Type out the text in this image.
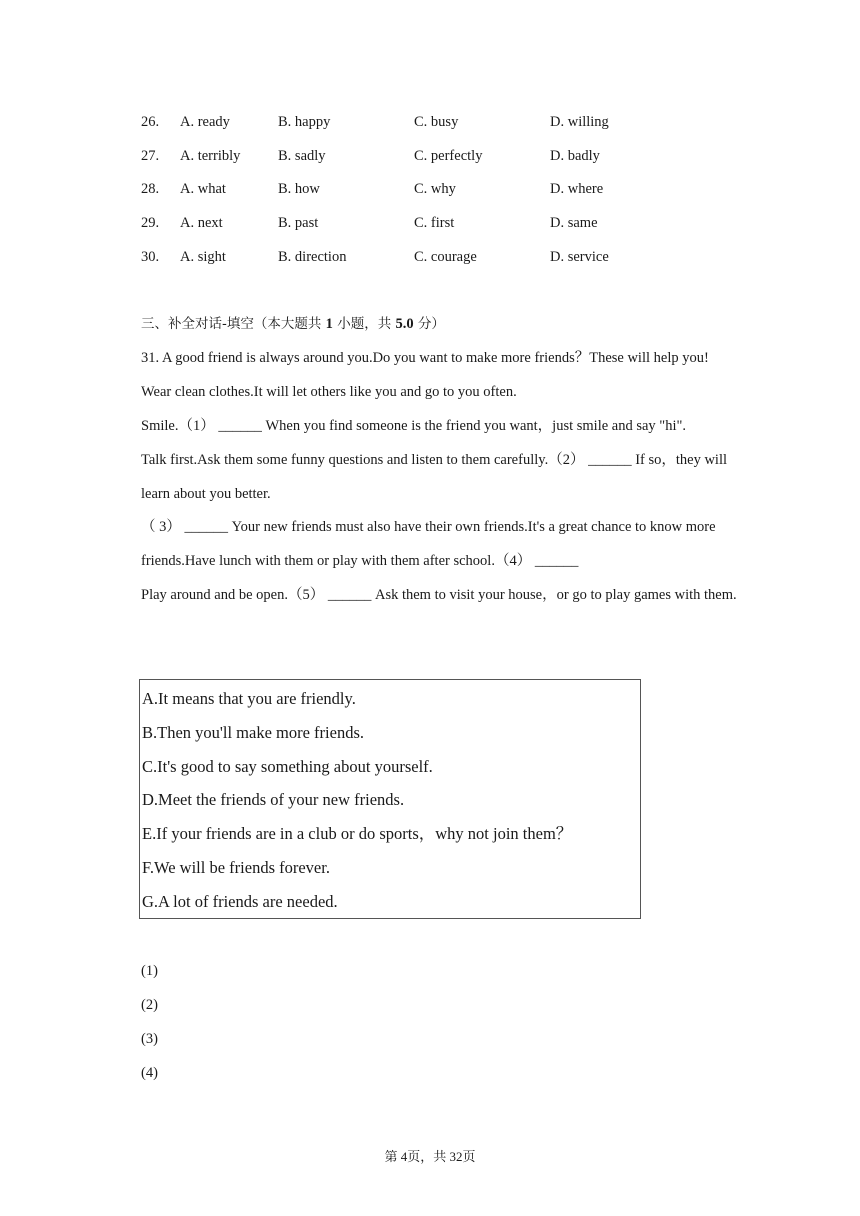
26. A. ready	B. happy	C. busy	D. willing
27. A. terribly	B. sadly	C. perfectly	D. badly
28. A. what	B. how	C. why	D. where
29. A. next	B. past	C. first	D. same
30. A. sight	B. direction	C. courage	D. service
三、补全对话-填空（本大题共 1 小题，共 5.0 分）
31. A good friend is always around you.Do you want to make more friends？These will help you!
Wear clean clothes.It will let others like you and go to you often.
Smile.（1） ______ When you find someone is the friend you want，just smile and say "hi".
Talk first.Ask them some funny questions and listen to them carefully.（2） ______ If so，they will
learn about you better.
（ 3） ______ Your new friends must also have their own friends.It's a great chance to know more
friends.Have lunch with them or play with them after school.（4） ______
Play around and be open.（5） ______ Ask them to visit your house，or go to play games with them.
A.It means that you are friendly.
B.Then you'll make more friends.
C.It's good to say something about yourself.
D.Meet the friends of your new friends.
E.If your friends are in a club or do sports，why not join them？
F.We will be friends forever.
G.A lot of friends are needed.
(1)
(2)
(3)
(4)
第 4页，共 32页
